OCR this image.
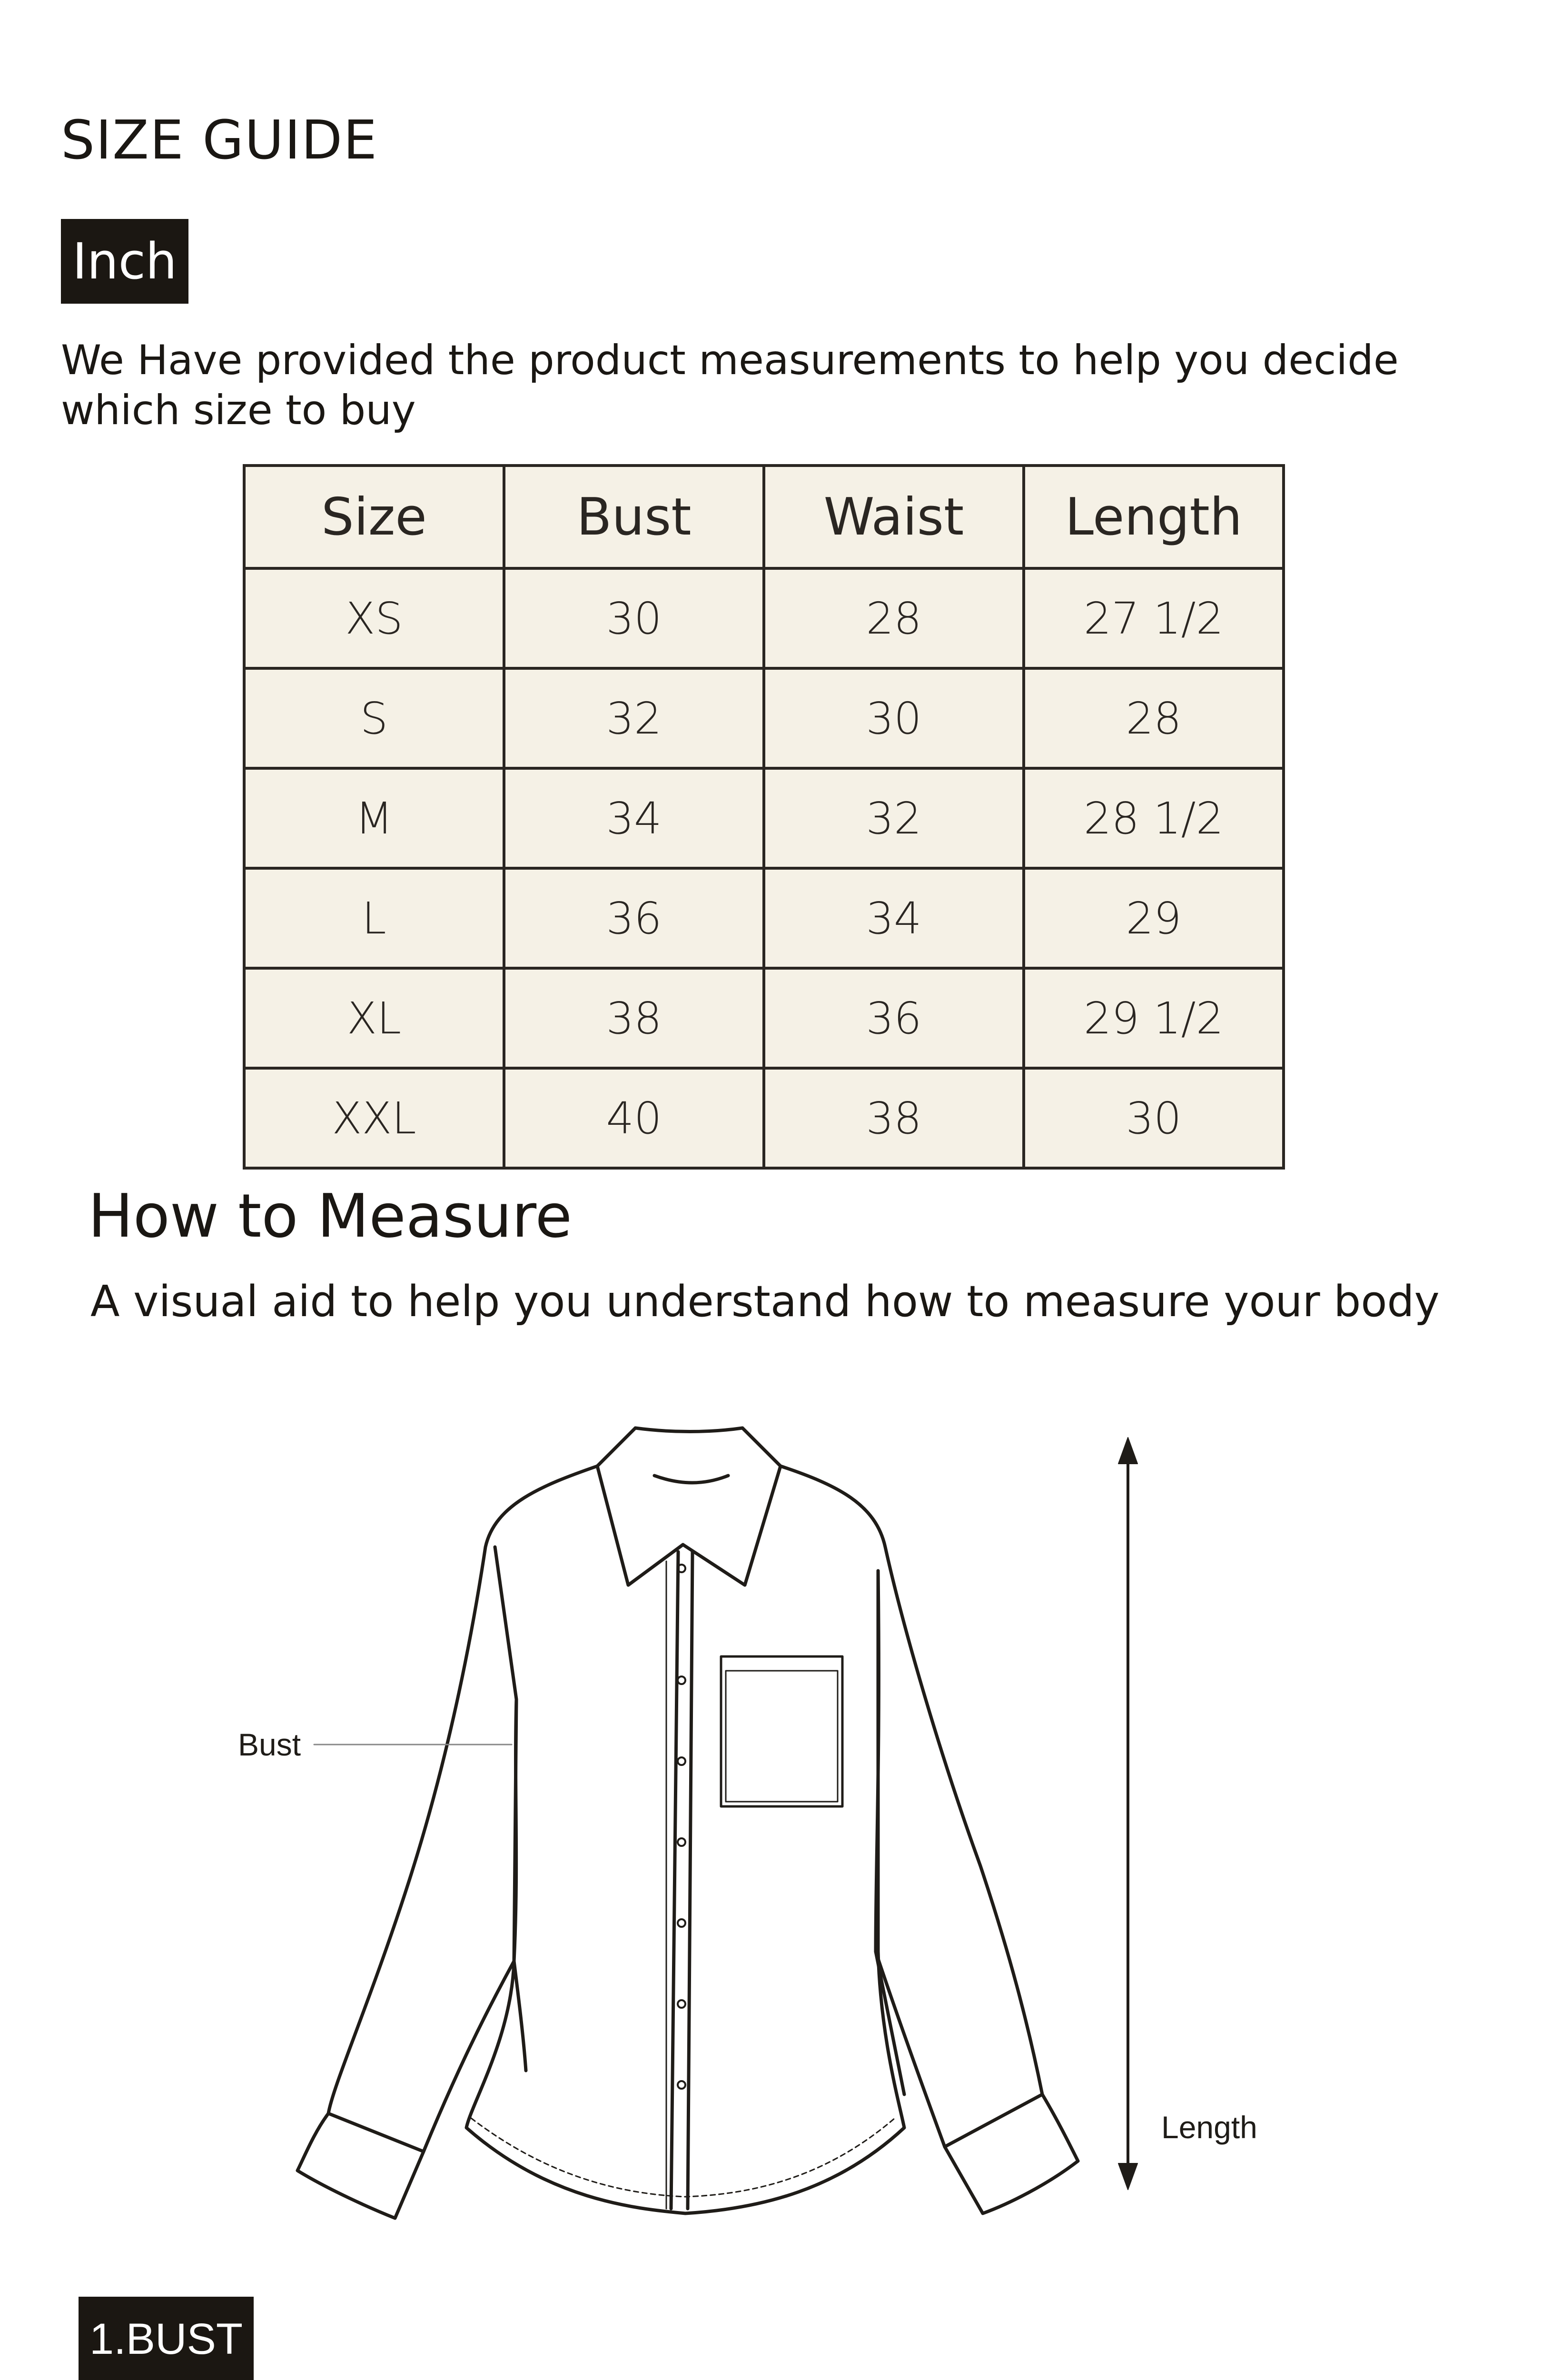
SIZE GUIDE
Inch
We Have provided the product measurements to help you decide which size to buy
Size	Bust	Waist	Length
XS	30	28	27 1/2
S	32	30	28
M	34	32	28 1/2
L	36	34	29
XL	38	36	29 1/2
XXL	40	38	30
How to Measure
A visual aid to help you understand how to measure your body
Bust
Length
1.BUST
